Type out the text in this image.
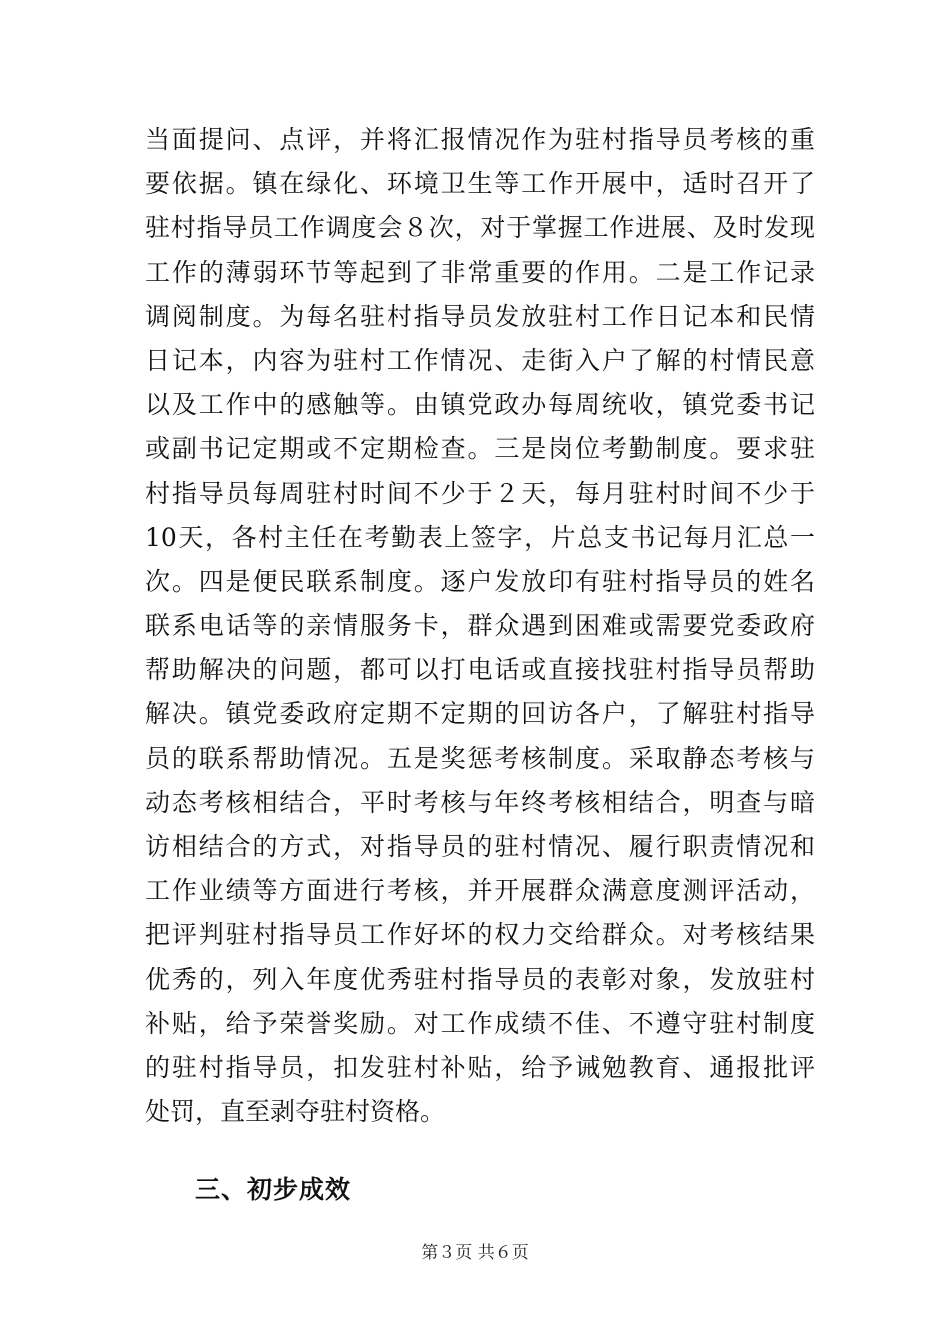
当面提问、点评，并将汇报情况作为驻村指导员考核的重
要依据。镇在绿化、环境卫生等工作开展中，适时召开了
驻村指导员工作调度会８次，对于掌握工作进展、及时发现
工作的薄弱环节等起到了非常重要的作用。二是工作记录
调阅制度。为每名驻村指导员发放驻村工作日记本和民情
日记本，内容为驻村工作情况、走街入户了解的村情民意
以及工作中的感触等。由镇党政办每周统收，镇党委书记
或副书记定期或不定期检查。三是岗位考勤制度。要求驻
村指导员每周驻村时间不少于２天，每月驻村时间不少于
10天，各村主任在考勤表上签字，片总支书记每月汇总一
次。四是便民联系制度。逐户发放印有驻村指导员的姓名
联系电话等的亲情服务卡，群众遇到困难或需要党委政府
帮助解决的问题，都可以打电话或直接找驻村指导员帮助
解决。镇党委政府定期不定期的回访各户，了解驻村指导
员的联系帮助情况。五是奖惩考核制度。采取静态考核与
动态考核相结合，平时考核与年终考核相结合，明查与暗
访相结合的方式，对指导员的驻村情况、履行职责情况和
工作业绩等方面进行考核，并开展群众满意度测评活动，
把评判驻村指导员工作好坏的权力交给群众。对考核结果
优秀的，列入年度优秀驻村指导员的表彰对象，发放驻村
补贴，给予荣誉奖励。对工作成绩不佳、不遵守驻村制度
的驻村指导员，扣发驻村补贴，给予诫勉教育、通报批评
处罚，直至剥夺驻村资格。
三、初步成效
第３页 共６页
